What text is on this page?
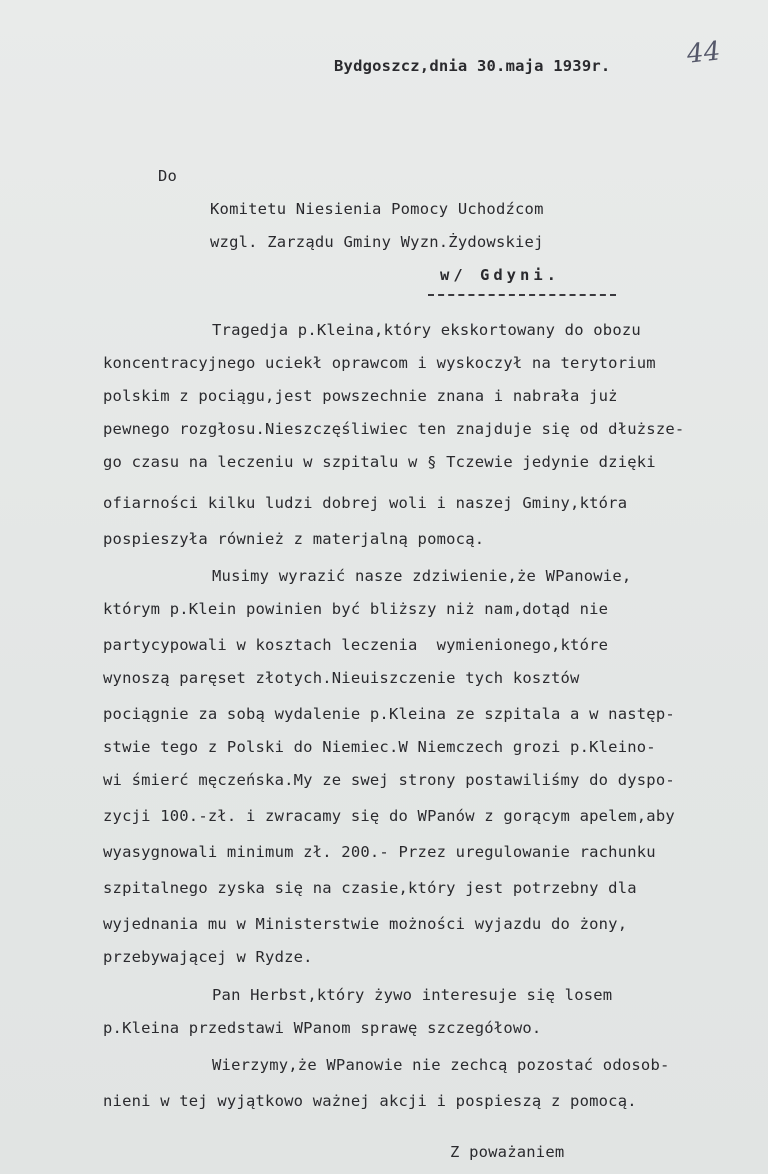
Bydgoszcz,dnia 30.maja 1939r.	44
Do
Komitetu Niesienia Pomocy Uchodźcom
wzgl. Zarządu Gminy Wyzn.Żydowskiej
w/ Gdyni.
Tragedja p.Kleina,który ekskortowany do obozu
koncentracyjnego uciekł oprawcom i wyskoczył na terytorium
polskim z pociągu,jest powszechnie znana i nabrała już
pewnego rozgłosu.Nieszczęśliwiec ten znajduje się od dłuższe-
go czasu na leczeniu w szpitalu w § Tczewie jedynie dzięki
ofiarności kilku ludzi dobrej woli i naszej Gminy,która
pospieszyła również z materjalną pomocą.
Musimy wyrazić nasze zdziwienie,że WPanowie,
którym p.Klein powinien być bliższy niż nam,dotąd nie
partycypowali w kosztach leczenia  wymienionego,które
wynoszą paręset złotych.Nieuiszczenie tych kosztów
pociągnie za sobą wydalenie p.Kleina ze szpitala a w następ-
stwie tego z Polski do Niemiec.W Niemczech grozi p.Kleino-
wi śmierć męczeńska.My ze swej strony postawiliśmy do dyspo-
zycji 100.-zł. i zwracamy się do WPanów z gorącym apelem,aby
wyasygnowali minimum zł. 200.- Przez uregulowanie rachunku
szpitalnego zyska się na czasie,który jest potrzebny dla
wyjednania mu w Ministerstwie możności wyjazdu do żony,
przebywającej w Rydze.
Pan Herbst,który żywo interesuje się losem
p.Kleina przedstawi WPanom sprawę szczegółowo.
Wierzymy,że WPanowie nie zechcą pozostać odosob-
nieni w tej wyjątkowo ważnej akcji i pospieszą z pomocą.
Z poważaniem
